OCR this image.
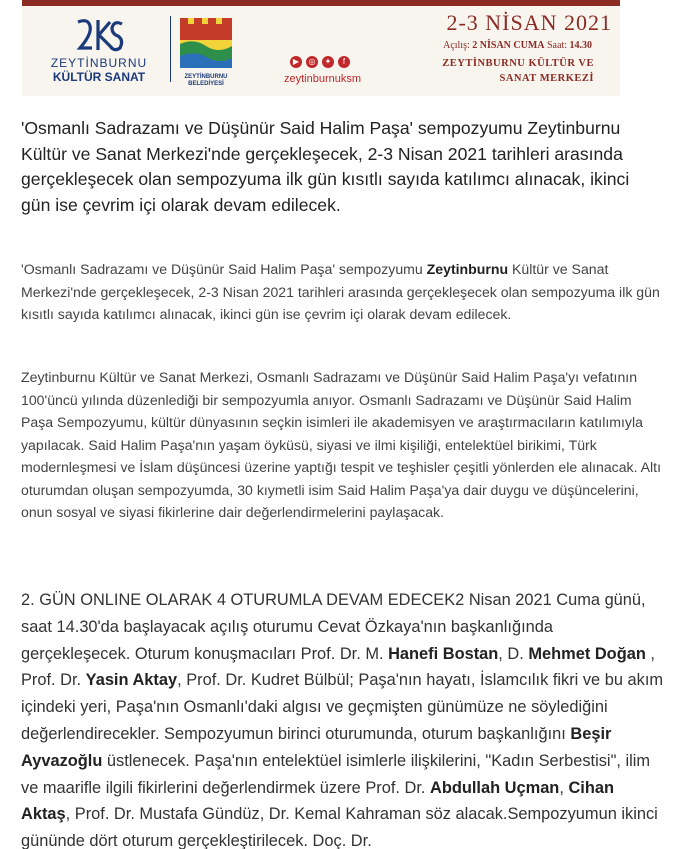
ZEYTİNBURNU
KÜLTÜR SANAT	ZEYTİNBURNU
BELEDİYESİ
▶	◎	✦	f
zeytinburnuksm
2-3 NİSAN 2021
Açılış: 2 NİSAN CUMA Saat: 14.30
ZEYTİNBURNU KÜLTÜR VE
SANAT MERKEZİ

'Osmanlı Sadrazamı ve Düşünür Said Halim Paşa' sempozyumu Zeytinburnu Kültür ve Sanat Merkezi'nde gerçekleşecek, 2-3 Nisan 2021 tarihleri arasında gerçekleşecek olan sempozyuma ilk gün kısıtlı sayıda katılımcı alınacak, ikinci gün ise çevrim içi olarak devam edilecek.

'Osmanlı Sadrazamı ve Düşünür Said Halim Paşa' sempozyumu Zeytinburnu Kültür ve Sanat Merkezi'nde gerçekleşecek, 2-3 Nisan 2021 tarihleri arasında gerçekleşecek olan sempozyuma ilk gün kısıtlı sayıda katılımcı alınacak, ikinci gün ise çevrim içi olarak devam edilecek.

Zeytinburnu Kültür ve Sanat Merkezi, Osmanlı Sadrazamı ve Düşünür Said Halim Paşa'yı vefatının 100'üncü yılında düzenlediği bir sempozyumla anıyor. Osmanlı Sadrazamı ve Düşünür Said Halim Paşa Sempozyumu, kültür dünyasının seçkin isimleri ile akademisyen ve araştırmacıların katılımıyla yapılacak. Said Halim Paşa'nın yaşam öyküsü, siyasi ve ilmi kişiliği, entelektüel birikimi, Türk modernleşmesi ve İslam düşüncesi üzerine yaptığı tespit ve teşhisler çeşitli yönlerden ele alınacak. Altı oturumdan oluşan sempozyumda, 30 kıymetli isim Said Halim Paşa'ya dair duygu ve düşüncelerini, onun sosyal ve siyasi fikirlerine dair değerlendirmelerini paylaşacak.

2. GÜN ONLINE OLARAK 4 OTURUMLA DEVAM EDECEK2 Nisan 2021 Cuma günü, saat 14.30'da başlayacak açılış oturumu Cevat Özkaya'nın başkanlığında gerçekleşecek. Oturum konuşmacıları Prof. Dr. M. Hanefi Bostan, D. Mehmet Doğan , Prof. Dr. Yasin Aktay, Prof. Dr. Kudret Bülbül; Paşa'nın hayatı, İslamcılık fikri ve bu akım içindeki yeri, Paşa'nın Osmanlı'daki algısı ve geçmişten günümüze ne söylediğini değerlendirecekler. Sempozyumun birinci oturumunda, oturum başkanlığını Beşir Ayvazoğlu üstlenecek. Paşa'nın entelektüel isimlerle ilişkilerini, "Kadın Serbestisi", ilim ve maarifle ilgili fikirlerini değerlendirmek üzere Prof. Dr. Abdullah Uçman, Cihan Aktaş, Prof. Dr. Mustafa Gündüz, Dr. Kemal Kahraman söz alacak.Sempozyumun ikinci gününde dört oturum gerçekleştirilecek. Doç. Dr.
